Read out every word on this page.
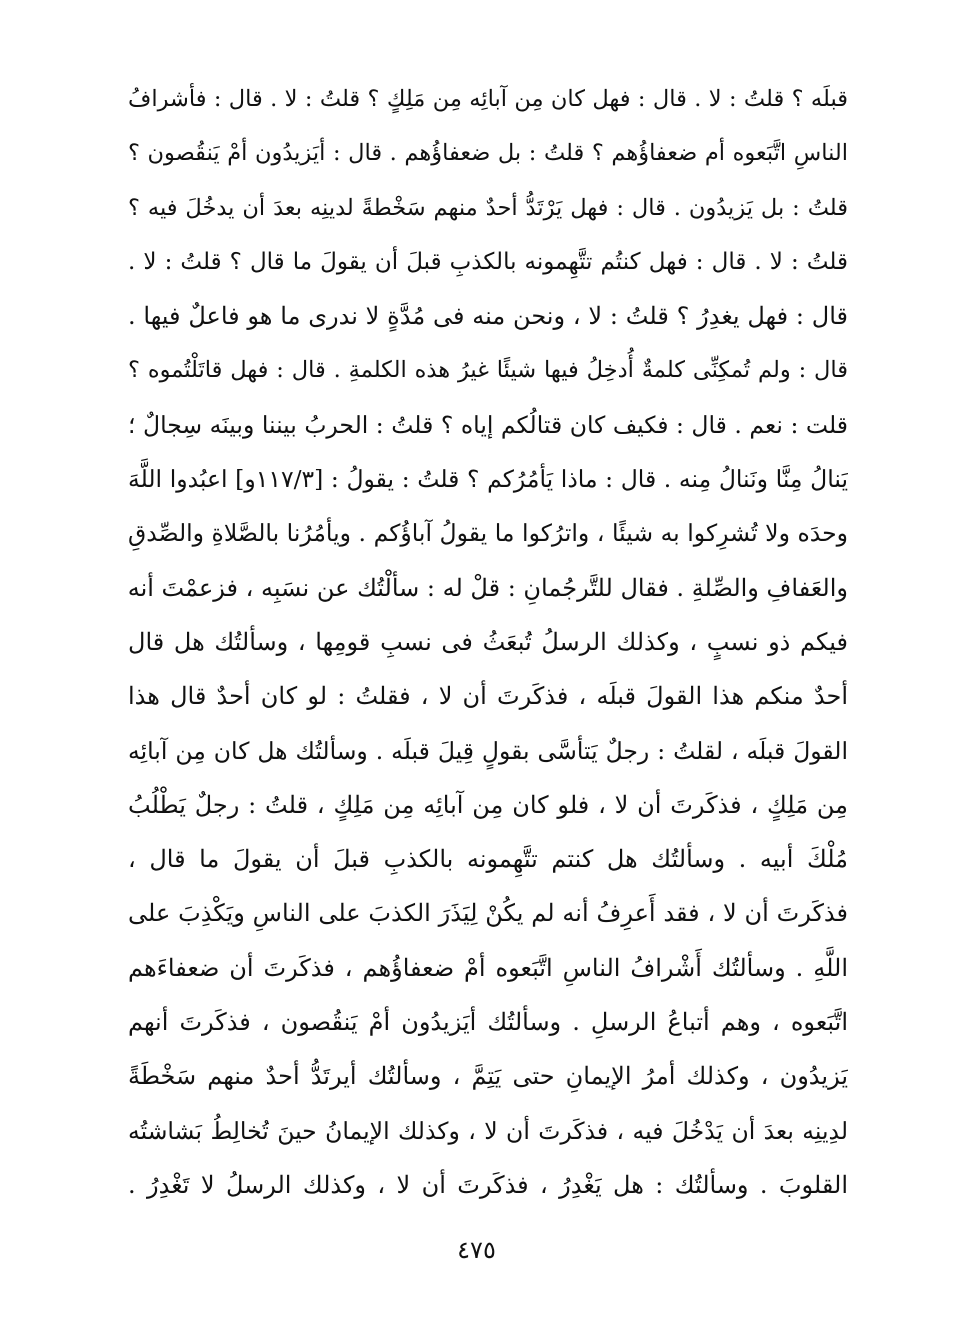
قبلَه ؟ قلتُ : لا . قال : فهل كان مِن آبائِه مِن مَلِكٍ ؟ قلتُ : لا . قال : فأشرافُ
الناسِ اتَّبَعوه أم ضعفاؤُهم ؟ قلتُ : بل ضعفاؤُهم . قال : أيَزيدُون أمْ يَنقُصون ؟
قلتُ : بل يَزيدُون . قال : فهل يَرْتَدُّ أحدٌ منهم سَخْطةً لدينِه بعدَ أن يدخُلَ فيه ؟
قلتُ : لا . قال : فهل كنتُم تتَّهِمونه بالكذبِ قبلَ أن يقولَ ما قال ؟ قلتُ : لا .
قال : فهل يغدِرُ ؟ قلتُ : لا ، ونحن منه فى مُدَّةٍ لا ندرى ما هو فاعلٌ فيها .
قال : ولم تُمكِنِّى كلمةٌ أُدخِلُ فيها شيئًا غيرُ هذه الكلمةِ . قال : فهل قاتَلْتُموه ؟
قلت : نعم . قال : فكيف كان قتالُكم إياه ؟ قلتُ : الحربُ بيننا وبينَه سِجالٌ ؛
يَنالُ مِنَّا ونَنالُ مِنه . قال : ماذا يَأمُرُكم ؟ قلتُ : يقولُ : [١١٧/٣و] اعبُدوا اللَّهَ
وحدَه ولا تُشرِكوا به شيئًا ، واترُكوا ما يقولُ آباؤُكم . ويأمُرُنا بالصَّلاةِ والصِّدقِ
والعَفافِ والصِّلةِ . فقال للتَّرجُمانِ : قلْ له : سألْتُك عن نسَبِه ، فزعمْتَ أنه
فيكم ذو نسبٍ ، وكذلك الرسلُ تُبعَثُ فى نسبِ قومِها ، وسألتُك هل قال
أحدٌ منكم هذا القولَ قبلَه ، فذكَرتَ أن لا ، فقلتُ : لو كان أحدٌ قال هذا
القولَ قبلَه ، لقلتُ : رجلٌ يَتأسَّى بقولٍ قِيلَ قبلَه . وسألتُك هل كان مِن آبائِه
مِن مَلِكٍ ، فذكَرتَ أن لا ، فلو كان مِن آبائِه مِن مَلِكٍ ، قلتُ : رجلٌ يَطْلُبُ
مُلْكَ أبيه . وسألتُك هل كنتم تتَّهِمونه بالكذبِ قبلَ أن يقولَ ما قال ،
فذكَرتَ أن لا ، فقد أَعرِفُ أنه لم يكُنْ لِيَذَرَ الكذبَ على الناسِ ويَكْذِبَ على
اللَّهِ . وسألتُك أَشْرافُ الناسِ اتَّبَعوه أمْ ضعفاؤُهم ، فذكَرتَ أن ضعفاءَهم
اتَّبَعوه ، وهم أتباعُ الرسلِ . وسألتُك أيَزيدُون أمْ يَنقُصون ، فذكَرتَ أنهم
يَزيدُون ، وكذلك أمرُ الإيمانِ حتى يَتِمَّ ، وسألتُك أيرتَدُّ أحدٌ منهم سَخْطَةً
لدِينِه بعدَ أن يَدْخُلَ فيه ، فذكَرتَ أن لا ، وكذلك الإيمانُ حينَ تُخالِطُ بَشاشتُه
القلوبَ . وسألتُك : هل يَغْدِرُ ، فذكَرتَ أن لا ، وكذلك الرسلُ لا تَغْدِرُ .
٤٧٥
